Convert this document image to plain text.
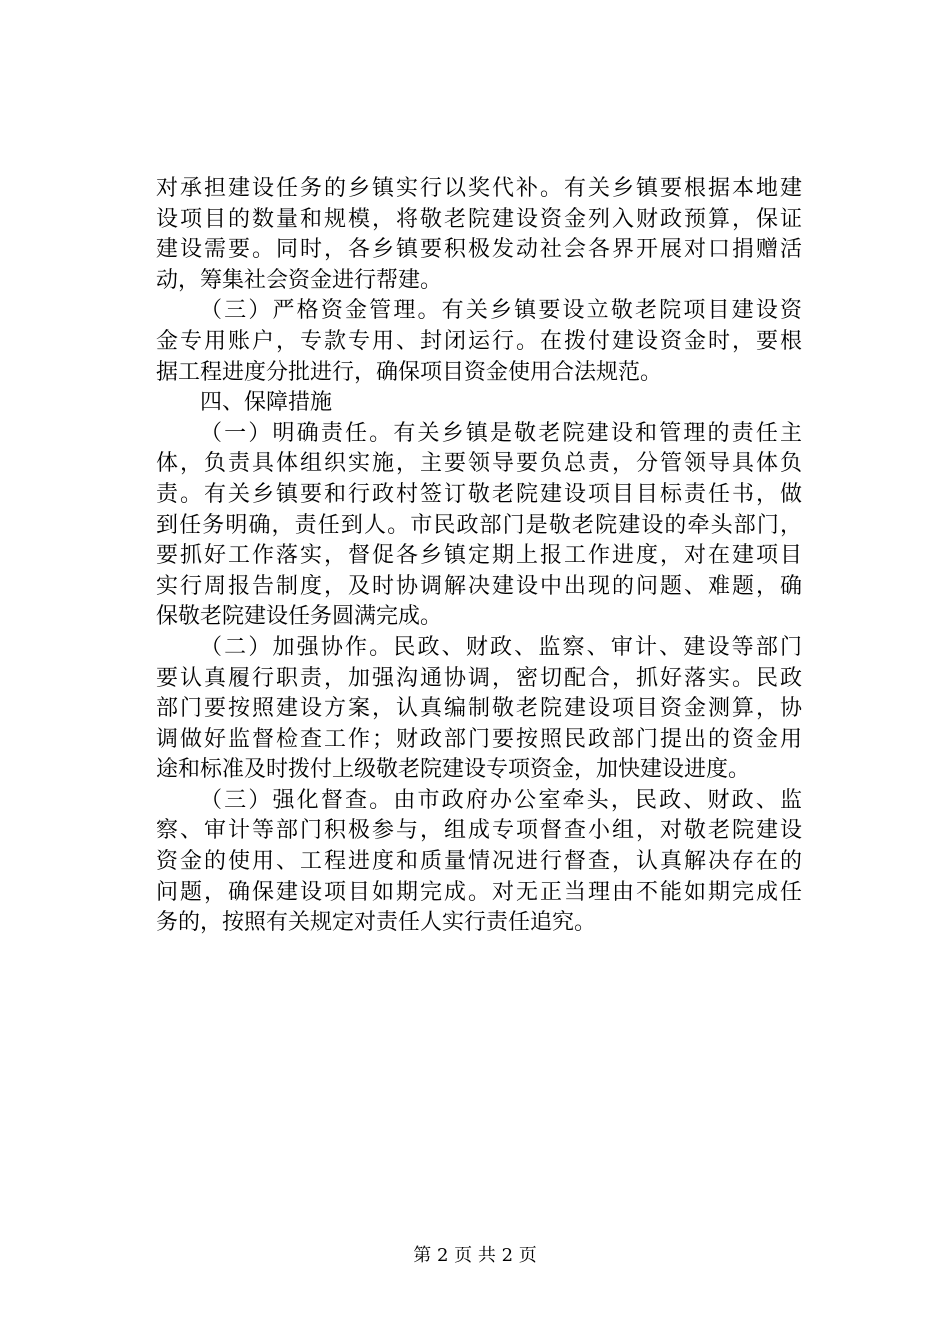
对承担建设任务的乡镇实行以奖代补。有关乡镇要根据本地建
设项目的数量和规模，将敬老院建设资金列入财政预算，保证
建设需要。同时，各乡镇要积极发动社会各界开展对口捐赠活
动，筹集社会资金进行帮建。
（三）严格资金管理。有关乡镇要设立敬老院项目建设资
金专用账户，专款专用、封闭运行。在拨付建设资金时，要根
据工程进度分批进行，确保项目资金使用合法规范。
四、保障措施
（一）明确责任。有关乡镇是敬老院建设和管理的责任主
体，负责具体组织实施，主要领导要负总责，分管领导具体负
责。有关乡镇要和行政村签订敬老院建设项目目标责任书，做
到任务明确，责任到人。市民政部门是敬老院建设的牵头部门，
要抓好工作落实，督促各乡镇定期上报工作进度，对在建项目
实行周报告制度，及时协调解决建设中出现的问题、难题，确
保敬老院建设任务圆满完成。
（二）加强协作。民政、财政、监察、审计、建设等部门
要认真履行职责，加强沟通协调，密切配合，抓好落实。民政
部门要按照建设方案，认真编制敬老院建设项目资金测算，协
调做好监督检查工作；财政部门要按照民政部门提出的资金用
途和标准及时拨付上级敬老院建设专项资金，加快建设进度。
（三）强化督查。由市政府办公室牵头，民政、财政、监
察、审计等部门积极参与，组成专项督查小组，对敬老院建设
资金的使用、工程进度和质量情况进行督查，认真解决存在的
问题，确保建设项目如期完成。对无正当理由不能如期完成任
务的，按照有关规定对责任人实行责任追究。
第 2 页 共 2 页
